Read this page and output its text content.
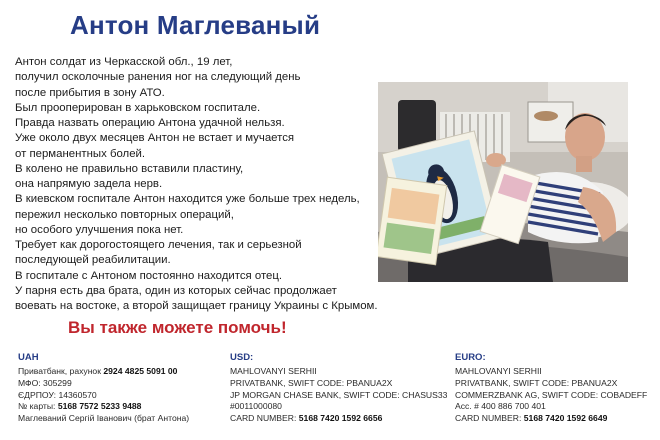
Антон Маглеваный
Антон солдат из Черкасской обл., 19 лет,
получил осколочные ранения ног на следующий день
после прибытия в зону АТО.
Был прооперирован в харьковском госпитале.
Правда назвать операцию Антона удачной нельзя.
Уже около двух месяцев Антон не встает и мучается
от перманентных болей.
В колено не правильно вставили пластину,
она напрямую задела нерв.
В киевском госпитале Антон находится уже больше трех недель,
пережил несколько повторных операций,
но особого улучшения пока нет.
Требует как дорогостоящего лечения, так и серьезной
последующей реабилитации.
В госпитале с Антоном постоянно находится отец.
У парня есть два брата, один из которых сейчас продолжает
воевать на востоке, а второй защищает границу Украины с Крымом.
Вы также можете помочь!
UAH
Приватбанк, рахунок 2924 4825 5091 00
МФО: 305299
ЄДРПОУ: 14360570
№ карты: 5168 7572 5233 9488
Маглеваний Сергій Іванович (брат Антона)
USD:
MAHLOVANYI SERHII
PRIVATBANK, SWIFT CODE: PBANUA2X
JP MORGAN CHASE BANK, SWIFT CODE: CHASUS33
#0011000080
CARD NUMBER: 5168 7420 1592 6656
EURO:
MAHLOVANYI SERHII
PRIVATBANK, SWIFT CODE: PBANUA2X
COMMERZBANK AG, SWIFT CODE: COBADEFF
Acc. # 400 886 700 401
CARD NUMBER: 5168 7420 1592 6649
